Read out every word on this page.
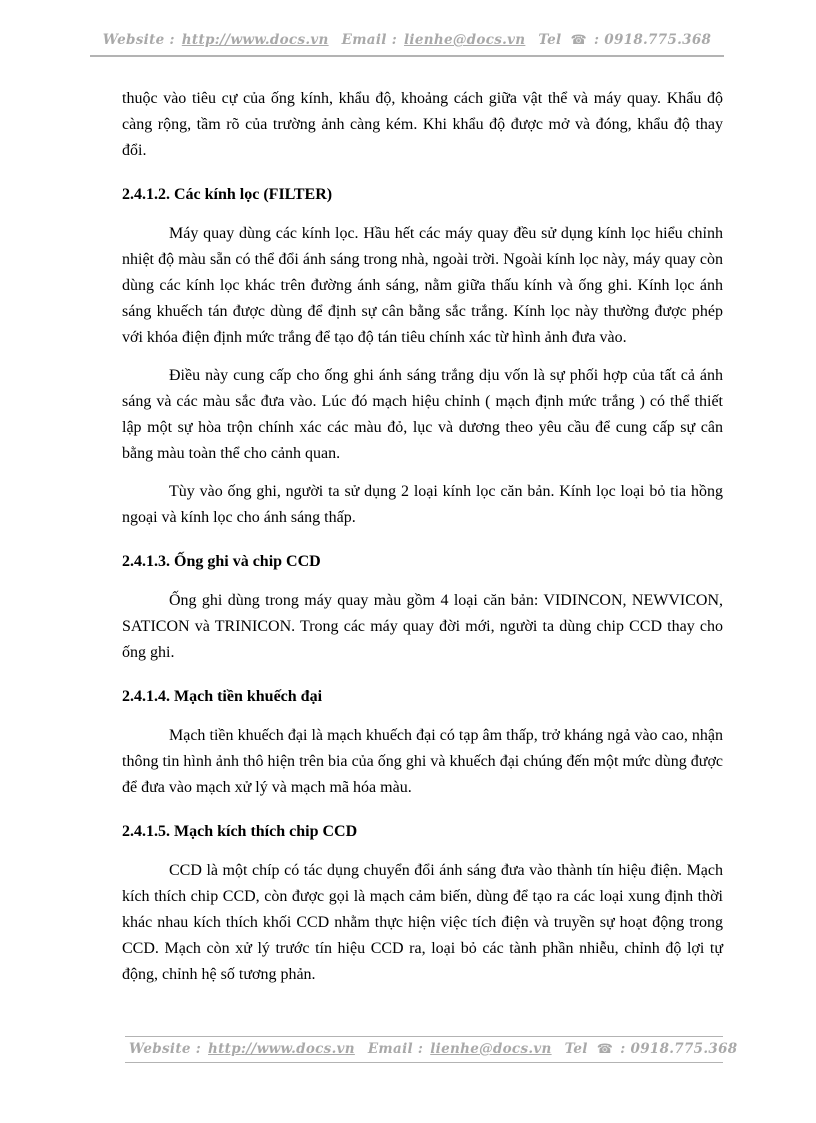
Website : http://www.docs.vn Email : lienhe@docs.vn Tel ☎ : 0918.775.368

thuộc vào tiêu cự của ống kính, khẩu độ, khoảng cách giữa vật thể và máy quay. Khẩu độ càng rộng, tầm rõ của trường ảnh càng kém. Khi khẩu độ được mở và đóng, khẩu độ thay đổi.

2.4.1.2. Các kính lọc (FILTER)

Máy quay dùng các kính lọc. Hầu hết các máy quay đều sử dụng kính lọc hiểu chỉnh nhiệt độ màu sẵn có thể đổi ánh sáng trong nhà, ngoài trời. Ngoài kính lọc này, máy quay còn dùng các kính lọc khác trên đường ánh sáng, nằm giữa thấu kính và ống ghi. Kính lọc ánh sáng khuếch tán được dùng để định sự cân bằng sắc trắng. Kính lọc này thường được phép với khóa điện định mức trắng để tạo độ tán tiêu chính xác từ hình ảnh đưa vào.

Điều này cung cấp cho ống ghi ánh sáng trắng dịu vốn là sự phối hợp của tất cả ánh sáng và các màu sắc đưa vào. Lúc đó mạch hiệu chỉnh ( mạch định mức trắng ) có thể thiết lập một sự hòa trộn chính xác các màu đỏ, lục và dương theo yêu cầu để cung cấp sự cân bằng màu toàn thể cho cảnh quan.

Tùy vào ống ghi, người ta sử dụng 2 loại kính lọc căn bản. Kính lọc loại bỏ tia hồng ngoại và kính lọc cho ánh sáng thấp.

2.4.1.3. Ống ghi và chip CCD

Ống ghi dùng trong máy quay màu gồm 4 loại căn bản: VIDINCON, NEWVICON, SATICON và TRINICON. Trong các máy quay đời mới, người ta dùng chip CCD thay cho ống ghi.

2.4.1.4. Mạch tiền khuếch đại

Mạch tiền khuếch đại là mạch khuếch đại có tạp âm thấp, trở kháng ngả vào cao, nhận thông tin hình ảnh thô hiện trên bia của ống ghi và khuếch đại chúng đến một mức dùng được để đưa vào mạch xử lý và mạch mã hóa màu.

2.4.1.5. Mạch kích thích chip CCD

CCD là một chíp có tác dụng chuyển đổi ánh sáng đưa vào thành tín hiệu điện. Mạch kích thích chip CCD, còn được gọi là mạch cảm biến, dùng để tạo ra các loại xung định thời khác nhau kích thích khối CCD nhằm thực hiện việc tích điện và truyền sự hoạt động trong CCD. Mạch còn xử lý trước tín hiệu CCD ra, loại bỏ các tành phần nhiễu, chỉnh độ lợi tự động, chỉnh hệ số tương phản.

Website : http://www.docs.vn Email : lienhe@docs.vn Tel ☎ : 0918.775.368
